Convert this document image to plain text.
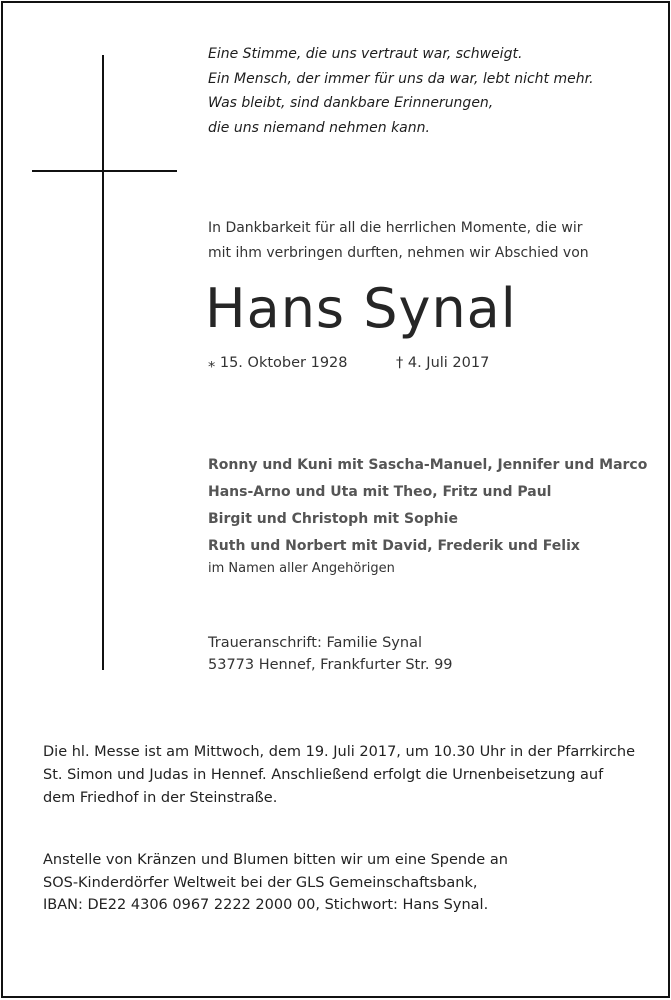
Eine Stimme, die uns vertraut war, schweigt.
Ein Mensch, der immer für uns da war, lebt nicht mehr.
Was bleibt, sind dankbare Erinnerungen,
die uns niemand nehmen kann.
In Dankbarkeit für all die herrlichen Momente, die wir
mit ihm verbringen durften, nehmen wir Abschied von
Hans Synal
⁎ 15. Oktober 1928	† 4. Juli 2017
Ronny und Kuni mit Sascha-Manuel, Jennifer und Marco
Hans-Arno und Uta mit Theo, Fritz und Paul
Birgit und Christoph mit Sophie
Ruth und Norbert mit David, Frederik und Felix
im Namen aller Angehörigen
Traueranschrift: Familie Synal
53773 Hennef, Frankfurter Str. 99
Die hl. Messe ist am Mittwoch, dem 19. Juli 2017, um 10.30 Uhr in der Pfarrkirche
St. Simon und Judas in Hennef. Anschließend erfolgt die Urnenbeisetzung auf
dem Friedhof in der Steinstraße.
Anstelle von Kränzen und Blumen bitten wir um eine Spende an
SOS-Kinderdörfer Weltweit bei der GLS Gemeinschaftsbank,
IBAN: DE22 4306 0967 2222 2000 00, Stichwort: Hans Synal.
